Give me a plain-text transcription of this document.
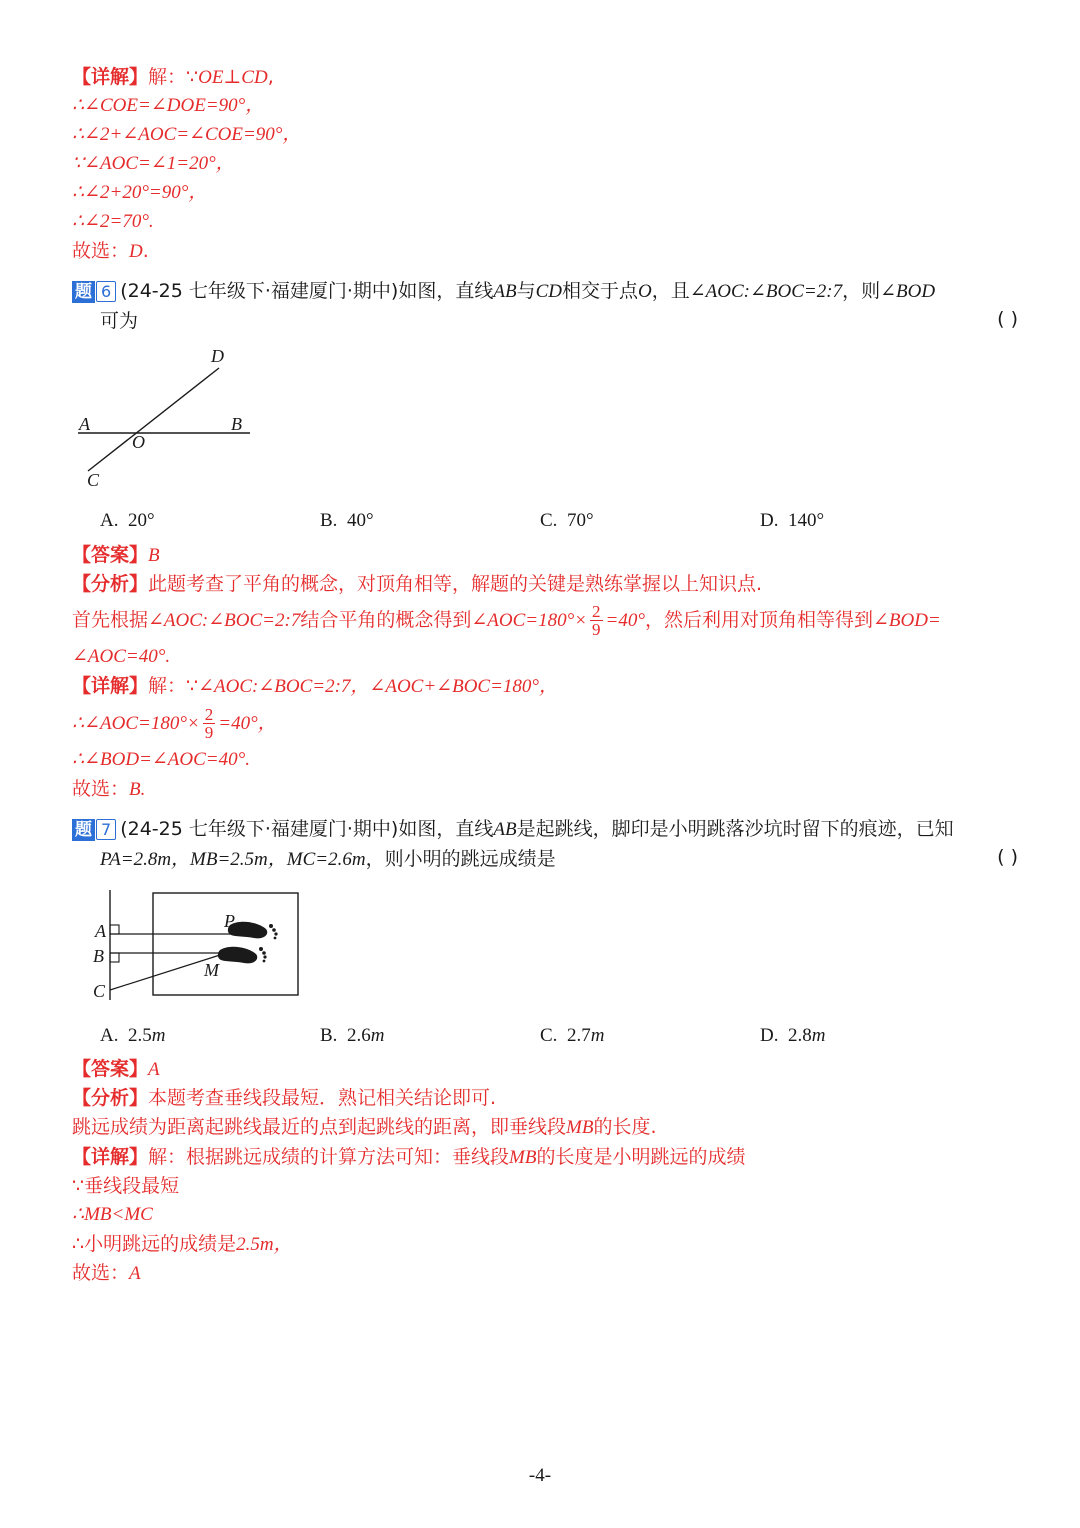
【详解】解：∵OE⊥CD,
∴∠COE=∠DOE=90°，
∴∠2+∠AOC=∠COE=90°，
∵∠AOC=∠1=20°，
∴∠2+20°=90°，
∴∠2=70°.
故选：D.
题 6 (24-25 七年级下·福建厦门·期中)如图，直线AB与CD相交于点O，且∠AOC:∠BOC=2:7，则∠BOD
可为	( )
D
A	B
O
C
A. 20°	B. 40°	C. 70°	D. 140°
【答案】B
【分析】此题考查了平角的概念，对顶角相等，解题的关键是熟练掌握以上知识点.
首先根据∠AOC:∠BOC=2:7结合平角的概念得到∠AOC=180°× $\frac{2}{9} =40^\circ$，然后利用对顶角相等得到∠BOD=
∠AOC=40°.
【详解】解：∵∠AOC:∠BOC=2:7，∠AOC+∠BOC=180°，
∴∠AOC=180°× $\frac{2}{9} =40^\circ$，
∴∠BOD=∠AOC=40°.
故选：B.
题 7 (24-25 七年级下·福建厦门·期中)如图，直线AB是起跳线，脚印是小明跳落沙坑时留下的痕迹，已知
PA=2.8m，MB=2.5m，MC=2.6m，则小明的跳远成绩是	( )
A
B
C
P
M
A. 2.5m	B. 2.6m	C. 2.7m	D. 2.8m
【答案】A
【分析】本题考查垂线段最短．熟记相关结论即可.
跳远成绩为距离起跳线最近的点到起跳线的距离，即垂线段MB的长度.
【详解】解：根据跳远成绩的计算方法可知：垂线段MB的长度是小明跳远的成绩
∵垂线段最短
∴MB<MC
∴小明跳远的成绩是2.5m，
故选：A
-4-
